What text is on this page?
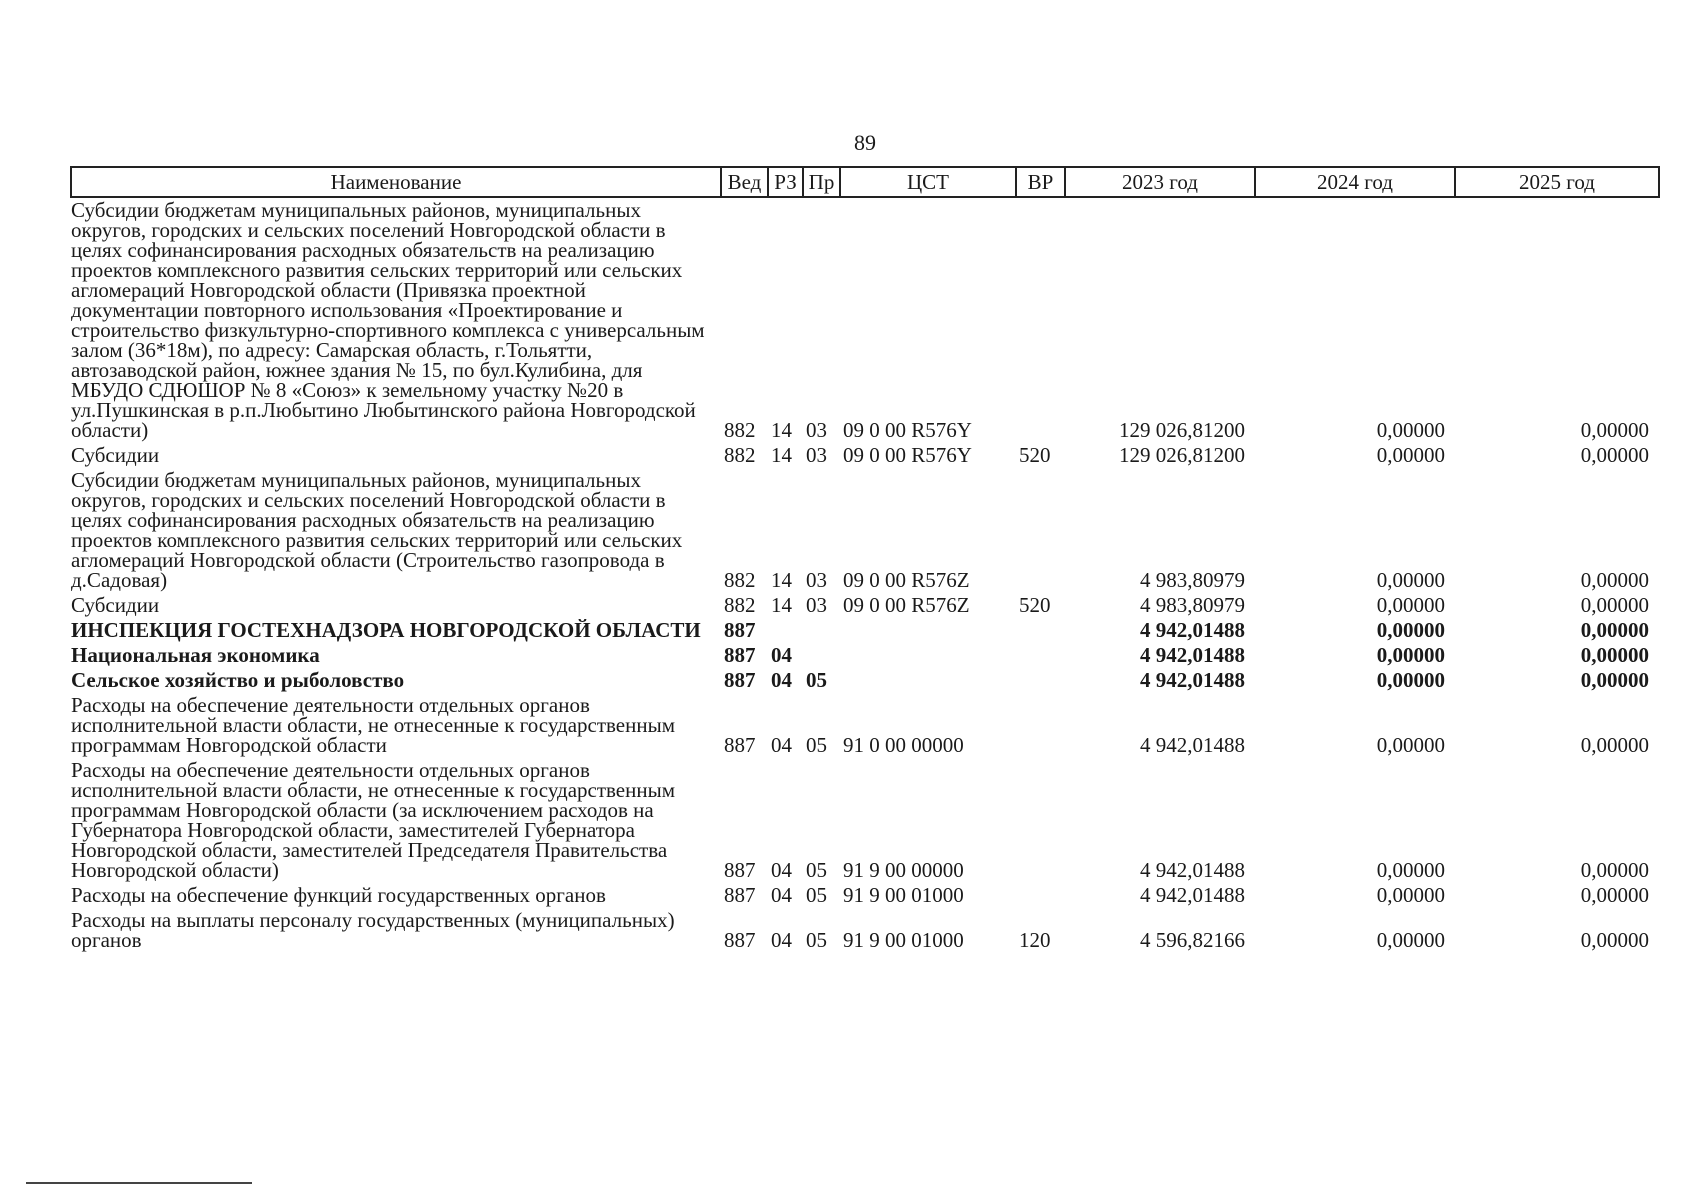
89
Наименование	Вед	РЗ	Пр	ЦСТ	ВР	2023 год	2024 год	2025 год
Субсидии бюджетам муниципальных районов, муниципальных округов, городских и сельских поселений Новгородской области в целях софинансирования расходных обязательств на реализацию проектов комплексного развития сельских территорий или сельских агломераций Новгородской области (Привязка проектной документации повторного использования «Проектирование и строительство физкультурно-спортивного комплекса с универсальным залом (36*18м), по адресу: Самарская область, г.Тольятти, автозаводской район, южнее здания № 15, по бул.Кулибина, для МБУДО СДЮШОР № 8 «Союз» к земельному участку №20 в ул.Пушкинская в р.п.Любытино Любытинского района Новгородской области)	882	14	03	09 0 00 R576Y		129 026,81200	0,00000	0,00000
Субсидии	882	14	03	09 0 00 R576Y	520	129 026,81200	0,00000	0,00000
Субсидии бюджетам муниципальных районов, муниципальных округов, городских и сельских поселений Новгородской области в целях софинансирования расходных обязательств на реализацию проектов комплексного развития сельских территорий или сельских агломераций Новгородской области (Строительство газопровода в д.Садовая)	882	14	03	09 0 00 R576Z		4 983,80979	0,00000	0,00000
Субсидии	882	14	03	09 0 00 R576Z	520	4 983,80979	0,00000	0,00000
ИНСПЕКЦИЯ ГОСТЕХНАДЗОРА НОВГОРОДСКОЙ ОБЛАСТИ	887					4 942,01488	0,00000	0,00000
Национальная экономика	887	04				4 942,01488	0,00000	0,00000
Сельское хозяйство и рыболовство	887	04	05			4 942,01488	0,00000	0,00000
Расходы на обеспечение деятельности отдельных органов исполнительной власти области, не отнесенные к государственным программам Новгородской области	887	04	05	91 0 00 00000		4 942,01488	0,00000	0,00000
Расходы на обеспечение деятельности отдельных органов исполнительной власти области, не отнесенные к государственным программам Новгородской области (за исключением расходов на Губернатора Новгородской области, заместителей Губернатора Новгородской области, заместителей Председателя Правительства Новгородской области)	887	04	05	91 9 00 00000		4 942,01488	0,00000	0,00000
Расходы на обеспечение функций государственных органов	887	04	05	91 9 00 01000		4 942,01488	0,00000	0,00000
Расходы на выплаты персоналу государственных (муниципальных) органов	887	04	05	91 9 00 01000	120	4 596,82166	0,00000	0,00000
